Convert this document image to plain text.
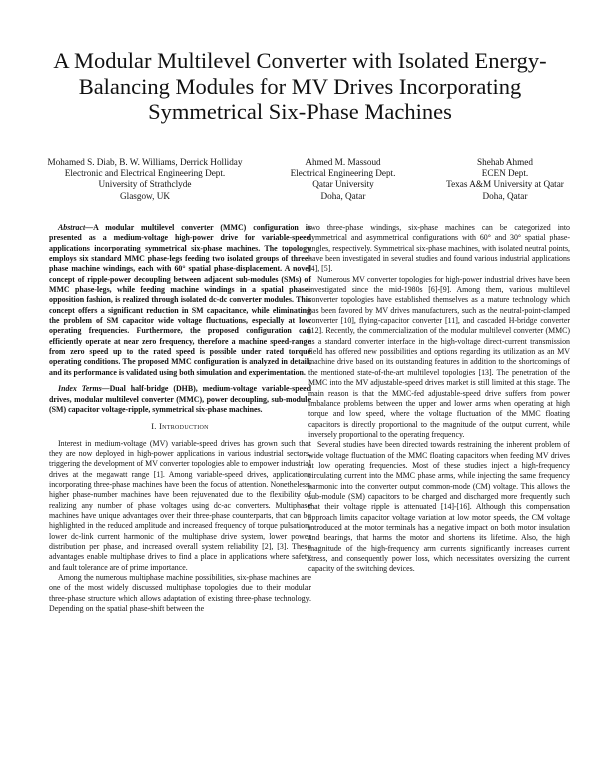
A Modular Multilevel Converter with Isolated Energy-Balancing Modules for MV Drives Incorporating Symmetrical Six-Phase Machines
Mohamed S. Diab, B. W. Williams, Derrick Holliday
Electronic and Electrical Engineering Dept.
University of Strathclyde
Glasgow, UK
Ahmed M. Massoud
Electrical Engineering Dept.
Qatar University
Doha, Qatar
Shehab Ahmed
ECEN Dept.
Texas A&M University at Qatar
Doha, Qatar

Abstract—A modular multilevel converter (MMC) configuration is presented as a medium-voltage high-power drive for variable-speed applications incorporating symmetrical six-phase machines. The topology employs six standard MMC phase-legs feeding two isolated groups of three-phase machine windings, each with 60° spatial phase-displacement. A novel concept of ripple-power decoupling between adjacent sub-modules (SMs) of MMC phase-legs, while feeding machine windings in a spatial phase-opposition fashion, is realized through isolated dc-dc converter modules. This concept offers a significant reduction in SM capacitance, while eliminating the problem of SM capacitor wide voltage fluctuations, especially at low operating frequencies. Furthermore, the proposed configuration can efficiently operate at near zero frequency, therefore a machine speed-range from zero speed up to the rated speed is possible under rated torque operating conditions. The proposed MMC configuration is analyzed in detail, and its performance is validated using both simulation and experimentation.

Index Terms—Dual half-bridge (DHB), medium-voltage variable-speed drives, modular multilevel converter (MMC), power decoupling, sub-module (SM) capacitor voltage-ripple, symmetrical six-phase machines.

I. Introduction

Interest in medium-voltage (MV) variable-speed drives has grown such that they are now deployed in high-power applications in various industrial sectors, triggering the development of MV converter topologies able to empower industrial drives at the megawatt range [1]. Among variable-speed drives, applications incorporating three-phase machines have been the focus of attention. Nonetheless, higher phase-number machines have been rejuvenated due to the flexibility of realizing any number of phase voltages using dc-ac converters. Multiphase machines have unique advantages over their three-phase counterparts, that can be highlighted in the reduced amplitude and increased frequency of torque pulsation, lower dc-link current harmonic of the multiphase drive system, lower power distribution per phase, and increased overall system reliability [2], [3]. These advantages enable multiphase drives to find a place in applications where safety and fault tolerance are of prime importance.

Among the numerous multiphase machine possibilities, six-phase machines are one of the most widely discussed multiphase topologies due to their modular three-phase structure which allows adaptation of existing three-phase technology. Depending on the spatial phase-shift between the

two three-phase windings, six-phase machines can be categorized into symmetrical and asymmetrical configurations with 60° and 30° spatial phase-angles, respectively. Symmetrical six-phase machines, with isolated neutral points, have been investigated in several studies and found various industrial applications [4], [5].

Numerous MV converter topologies for high-power industrial drives have been investigated since the mid-1980s [6]-[9]. Among them, various multilevel converter topologies have established themselves as a mature technology which has been favored by MV drives manufacturers, such as the neutral-point-clamped converter [10], flying-capacitor converter [11], and cascaded H-bridge converter [12]. Recently, the commercialization of the modular multilevel converter (MMC) as a standard converter interface in the high-voltage direct-current transmission field has offered new possibilities and options regarding its utilization as an MV machine drive based on its outstanding features in addition to the shortcomings of the mentioned state-of-the-art multilevel topologies [13]. The penetration of the MMC into the MV adjustable-speed drives market is still limited at this stage. The main reason is that the MMC-fed adjustable-speed drive suffers from power imbalance problems between the upper and lower arms when operating at high torque and low speed, where the voltage fluctuation of the MMC floating capacitors is directly proportional to the magnitude of the output current, while inversely proportional to the operating frequency.

Several studies have been directed towards restraining the inherent problem of wide voltage fluctuation of the MMC floating capacitors when feeding MV drives at low operating frequencies. Most of these studies inject a high-frequency circulating current into the MMC phase arms, while injecting the same frequency harmonic into the converter output common-mode (CM) voltage. This allows the sub-module (SM) capacitors to be charged and discharged more frequently such that their voltage ripple is attenuated [14]-[16]. Although this compensation approach limits capacitor voltage variation at low motor speeds, the CM voltage introduced at the motor terminals has a negative impact on both motor insulation and bearings, that harms the motor and shortens its lifetime. Also, the high magnitude of the high-frequency arm currents significantly increases current stress, and consequently power loss, which necessitates oversizing the current capacity of the switching devices.
